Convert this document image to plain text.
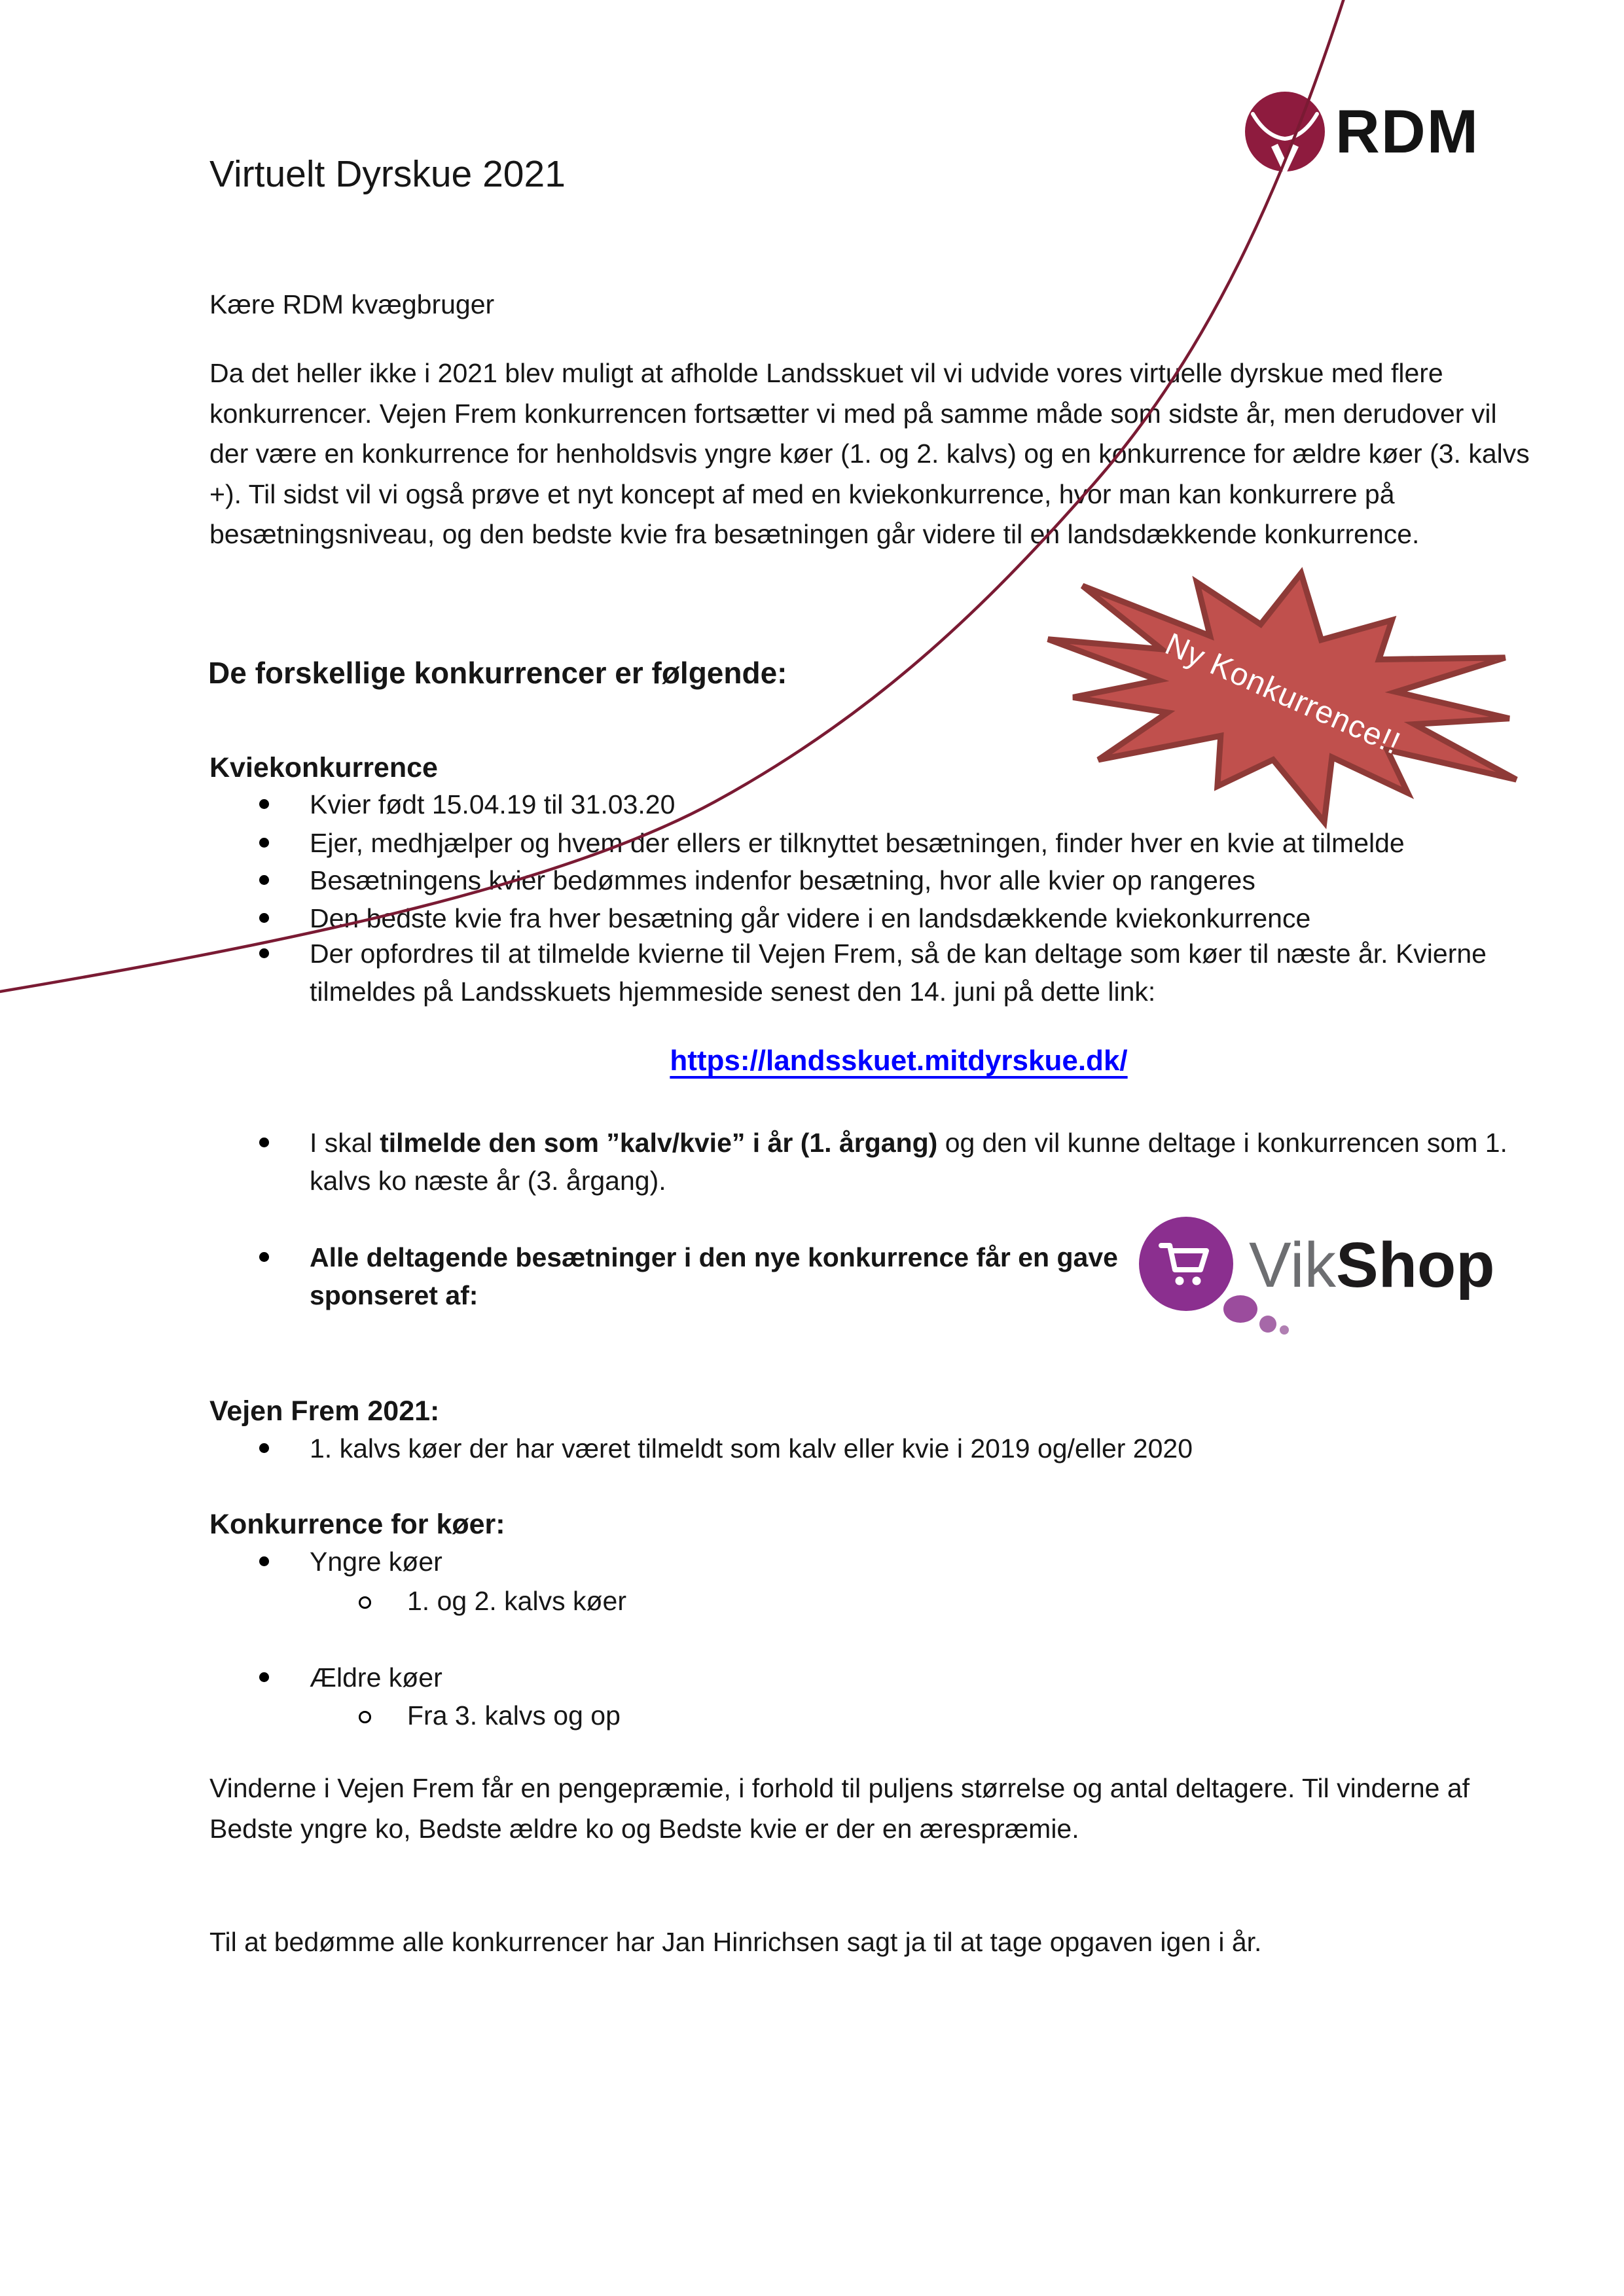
RDM
Virtuelt Dyrskue 2021

Kære RDM kvægbruger

Da det heller ikke i 2021 blev muligt at afholde Landsskuet vil vi udvide vores virtuelle dyrskue med flere konkurrencer. Vejen Frem konkurrencen fortsætter vi med på samme måde som sidste år, men derudover vil der være en konkurrence for henholdsvis yngre køer (1. og 2. kalvs) og en konkurrence for ældre køer (3. kalvs +). Til sidst vil vi også prøve et nyt koncept af med en kviekonkurrence, hvor man kan konkurrere på besætningsniveau, og den bedste kvie fra besætningen går videre til en landsdækkende konkurrence.

De forskellige konkurrencer er følgende:	Ny Konkurrence!!
Kviekonkurrence
Kvier født 15.04.19 til 31.03.20
Ejer, medhjælper og hvem der ellers er tilknyttet besætningen, finder hver en kvie at tilmelde
Besætningens kvier bedømmes indenfor besætning, hvor alle kvier op rangeres
Den bedste kvie fra hver besætning går videre i en landsdækkende kviekonkurrence
Der opfordres til at tilmelde kvierne til Vejen Frem, så de kan deltage som køer til næste år. Kvierne tilmeldes på Landsskuets hjemmeside senest den 14. juni på dette link:
https://landsskuet.mitdyrskue.dk/
I skal tilmelde den som ”kalv/kvie” i år (1. årgang) og den vil kunne deltage i konkurrencen som 1. kalvs ko næste år (3. årgang).
Alle deltagende besætninger i den nye konkurrence får en gave sponseret af:	VikShop
Vejen Frem 2021:
1. kalvs køer der har været tilmeldt som kalv eller kvie i 2019 og/eller 2020
Konkurrence for køer:
Yngre køer
1. og 2. kalvs køer
Ældre køer
Fra 3. kalvs og op

Vinderne i Vejen Frem får en pengepræmie, i forhold til puljens størrelse og antal deltagere. Til vinderne af Bedste yngre ko, Bedste ældre ko og Bedste kvie er der en ærespræmie.

Til at bedømme alle konkurrencer har Jan Hinrichsen sagt ja til at tage opgaven igen i år.
